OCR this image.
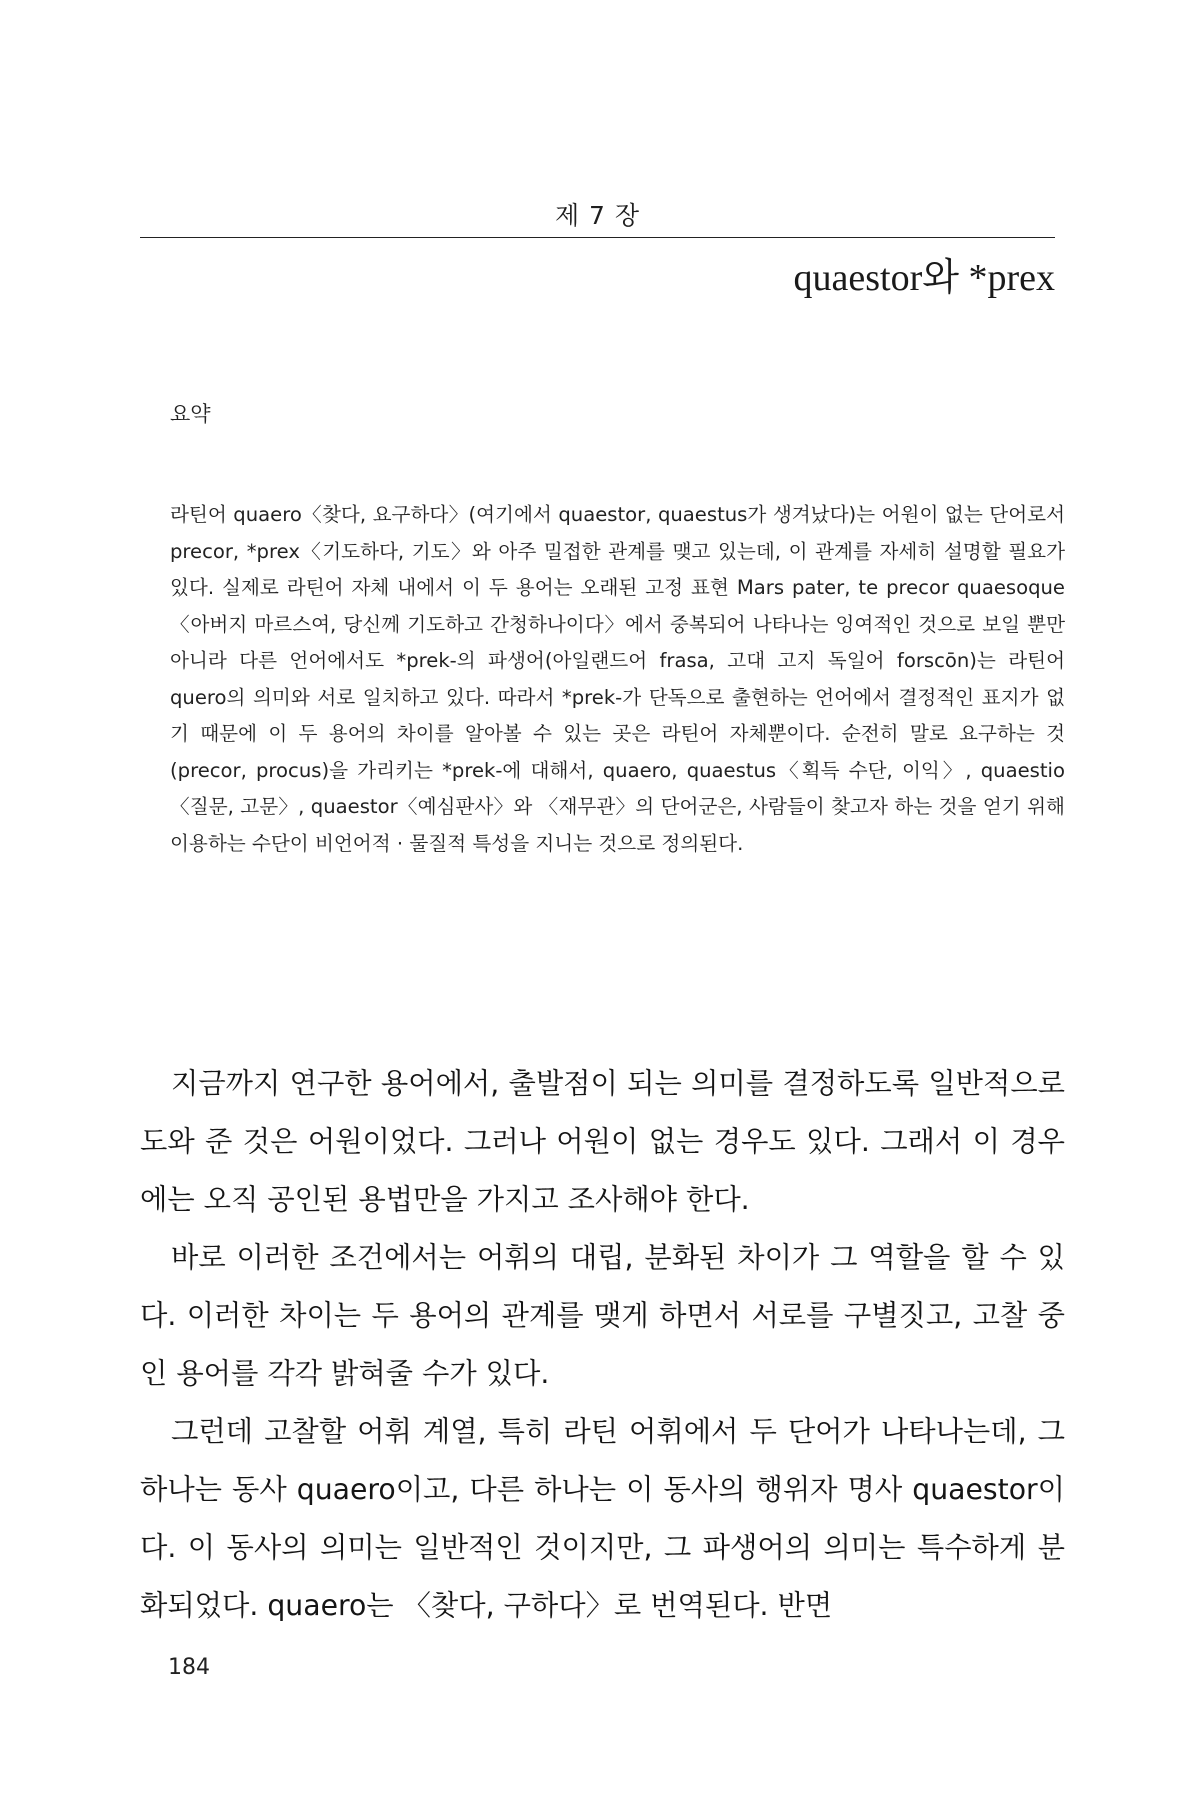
제 7 장
quaestor와 *prex
요약

라틴어 quaero〈찾다, 요구하다〉(여기에서 quaestor, quaestus가 생겨났다)는 어원이 없는 단어로서 precor, *prex〈기도하다, 기도〉와 아주 밀접한 관계를 맺고 있는데, 이 관계를 자세히 설명할 필요가 있다. 실제로 라틴어 자체 내에서 이 두 용어는 오래된 고정 표현 Mars pater, te precor quaesoque〈아버지 마르스여, 당신께 기도하고 간청하나이다〉에서 중복되어 나타나는 잉여적인 것으로 보일 뿐만 아니라 다른 언어에서도 *prek-의 파생어(아일랜드어 frasa, 고대 고지 독일어 forscōn)는 라틴어 quero의 의미와 서로 일치하고 있다. 따라서 *prek-가 단독으로 출현하는 언어에서 결정적인 표지가 없기 때문에 이 두 용어의 차이를 알아볼 수 있는 곳은 라틴어 자체뿐이다. 순전히 말로 요구하는 것(precor, procus)을 가리키는 *prek-에 대해서, quaero, quaestus〈획득 수단, 이익〉, quaestio〈질문, 고문〉, quaestor〈예심판사〉와 〈재무관〉의 단어군은, 사람들이 찾고자 하는 것을 얻기 위해 이용하는 수단이 비언어적 · 물질적 특성을 지니는 것으로 정의된다.

지금까지 연구한 용어에서, 출발점이 되는 의미를 결정하도록 일반적으로 도와 준 것은 어원이었다. 그러나 어원이 없는 경우도 있다. 그래서 이 경우에는 오직 공인된 용법만을 가지고 조사해야 한다.

바로 이러한 조건에서는 어휘의 대립, 분화된 차이가 그 역할을 할 수 있다. 이러한 차이는 두 용어의 관계를 맺게 하면서 서로를 구별짓고, 고찰 중인 용어를 각각 밝혀줄 수가 있다.

그런데 고찰할 어휘 계열, 특히 라틴 어휘에서 두 단어가 나타나는데, 그 하나는 동사 quaero이고, 다른 하나는 이 동사의 행위자 명사 quaestor이다. 이 동사의 의미는 일반적인 것이지만, 그 파생어의 의미는 특수하게 분화되었다. quaero는 〈찾다, 구하다〉로 번역된다. 반면

184
